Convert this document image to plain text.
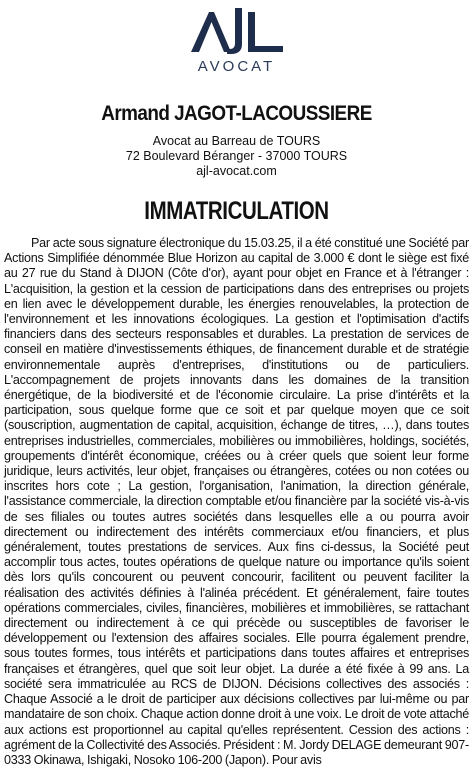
AVOCAT
Armand JAGOT-LACOUSSIERE
Avocat au Barreau de TOURS
72 Boulevard Béranger - 37000 TOURS
ajl-avocat.com
IMMATRICULATION
Par acte sous signature électronique du 15.03.25, il a été constitué une Société par Actions Simplifiée dénommée Blue Horizon au capital de 3.000 € dont le siège est fixé au 27 rue du Stand à DIJON (Côte d'or), ayant pour objet en France et à l'étranger : L'acquisition, la gestion et la cession de participations dans des entreprises ou projets en lien avec le développement durable, les énergies renouvelables, la protection de l'environnement et les innovations écologiques. La gestion et l'optimisation d'actifs financiers dans des secteurs responsables et durables. La prestation de services de conseil en matière d'investissements éthiques, de financement durable et de stratégie environnementale auprès d'entreprises, d'institutions ou de particuliers. L'accompagnement de projets innovants dans les domaines de la transition énergétique, de la biodiversité et de l'économie circulaire. La prise d'intérêts et la participation, sous quelque forme que ce soit et par quelque moyen que ce soit (souscription, augmentation de capital, acquisition, échange de titres, …), dans toutes entreprises industrielles, commerciales, mobilières ou immobilières, holdings, sociétés, groupements d'intérêt économique, créées ou à créer quels que soient leur forme juridique, leurs activités, leur objet, françaises ou étrangères, cotées ou non cotées ou inscrites hors cote ; La gestion, l'organisation, l'animation, la direction générale, l'assistance commerciale, la direction comptable et/ou financière par la société vis-à-vis de ses filiales ou toutes autres sociétés dans lesquelles elle a ou pourra avoir directement ou indirectement des intérêts commerciaux et/ou financiers, et plus généralement, toutes prestations de services. Aux fins ci-dessus, la Société peut accomplir tous actes, toutes opérations de quelque nature ou importance qu'ils soient dès lors qu'ils concourent ou peuvent concourir, facilitent ou peuvent faciliter la réalisation des activités définies à l'alinéa précédent. Et généralement, faire toutes opérations commerciales, civiles, financières, mobilières et immobilières, se rattachant directement ou indirectement à ce qui précède ou susceptibles de favoriser le développement ou l'extension des affaires sociales. Elle pourra également prendre, sous toutes formes, tous intérêts et participations dans toutes affaires et entreprises françaises et étrangères, quel que soit leur objet. La durée a été fixée à 99 ans. La société sera immatriculée au RCS de DIJON. Décisions collectives des associés : Chaque Associé a le droit de participer aux décisions collectives par lui-même ou par mandataire de son choix. Chaque action donne droit à une voix. Le droit de vote attaché aux actions est proportionnel au capital qu'elles représentent. Cession des actions : agrément de la Collectivité des Associés. Président : M. Jordy DELAGE demeurant 907-0333 Okinawa, Ishigaki, Nosoko 106-200 (Japon). Pour avis
